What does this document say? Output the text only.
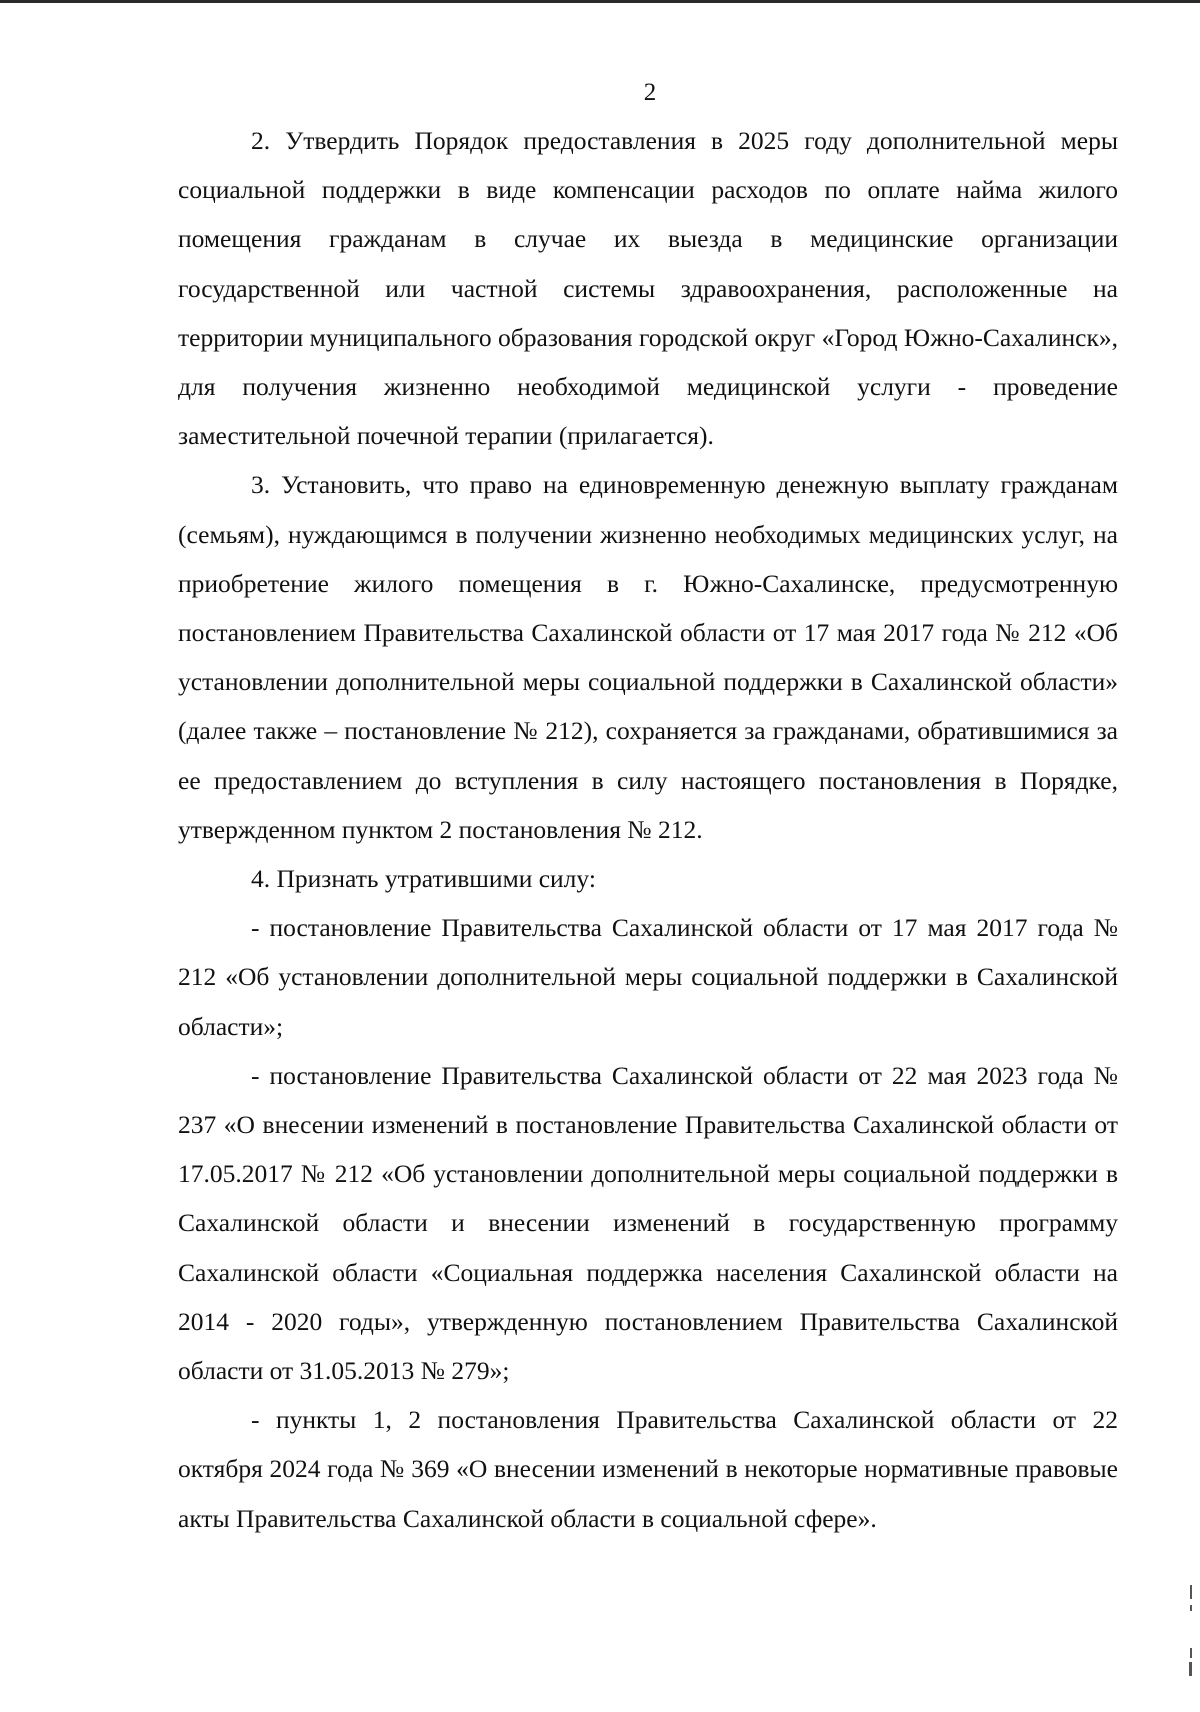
2

2. Утвердить Порядок предоставления в 2025 году дополнительной меры социальной поддержки в виде компенсации расходов по оплате найма жилого помещения гражданам в случае их выезда в медицинские организации государственной или частной системы здравоохранения, расположенные на территории муниципального образования городской округ «Город Южно-Сахалинск», для получения жизненно необходимой медицинской услуги - проведение заместительной почечной терапии (прилагается).

3. Установить, что право на единовременную денежную выплату гражданам (семьям), нуждающимся в получении жизненно необходимых медицинских услуг, на приобретение жилого помещения в г. Южно-Сахалинске, предусмотренную постановлением Правительства Сахалинской области от 17 мая 2017 года № 212 «Об установлении дополнительной меры социальной поддержки в Сахалинской области» (далее также – постановление № 212), сохраняется за гражданами, обратившимися за ее предоставлением до вступления в силу настоящего постановления в Порядке, утвержденном пунктом 2 постановления № 212.

4. Признать утратившими силу:

- постановление Правительства Сахалинской области от 17 мая 2017 года № 212 «Об установлении дополнительной меры социальной поддержки в Сахалинской области»;

- постановление Правительства Сахалинской области от 22 мая 2023 года № 237 «О внесении изменений в постановление Правительства Сахалинской области от 17.05.2017 № 212 «Об установлении дополнительной меры социальной поддержки в Сахалинской области и внесении изменений в государственную программу Сахалинской области «Социальная поддержка населения Сахалинской области на 2014 - 2020 годы», утвержденную постановлением Правительства Сахалинской области от 31.05.2013 № 279»;

- пункты 1, 2 постановления Правительства Сахалинской области от 22 октября 2024 года № 369 «О внесении изменений в некоторые нормативные правовые акты Правительства Сахалинской области в социальной сфере».
